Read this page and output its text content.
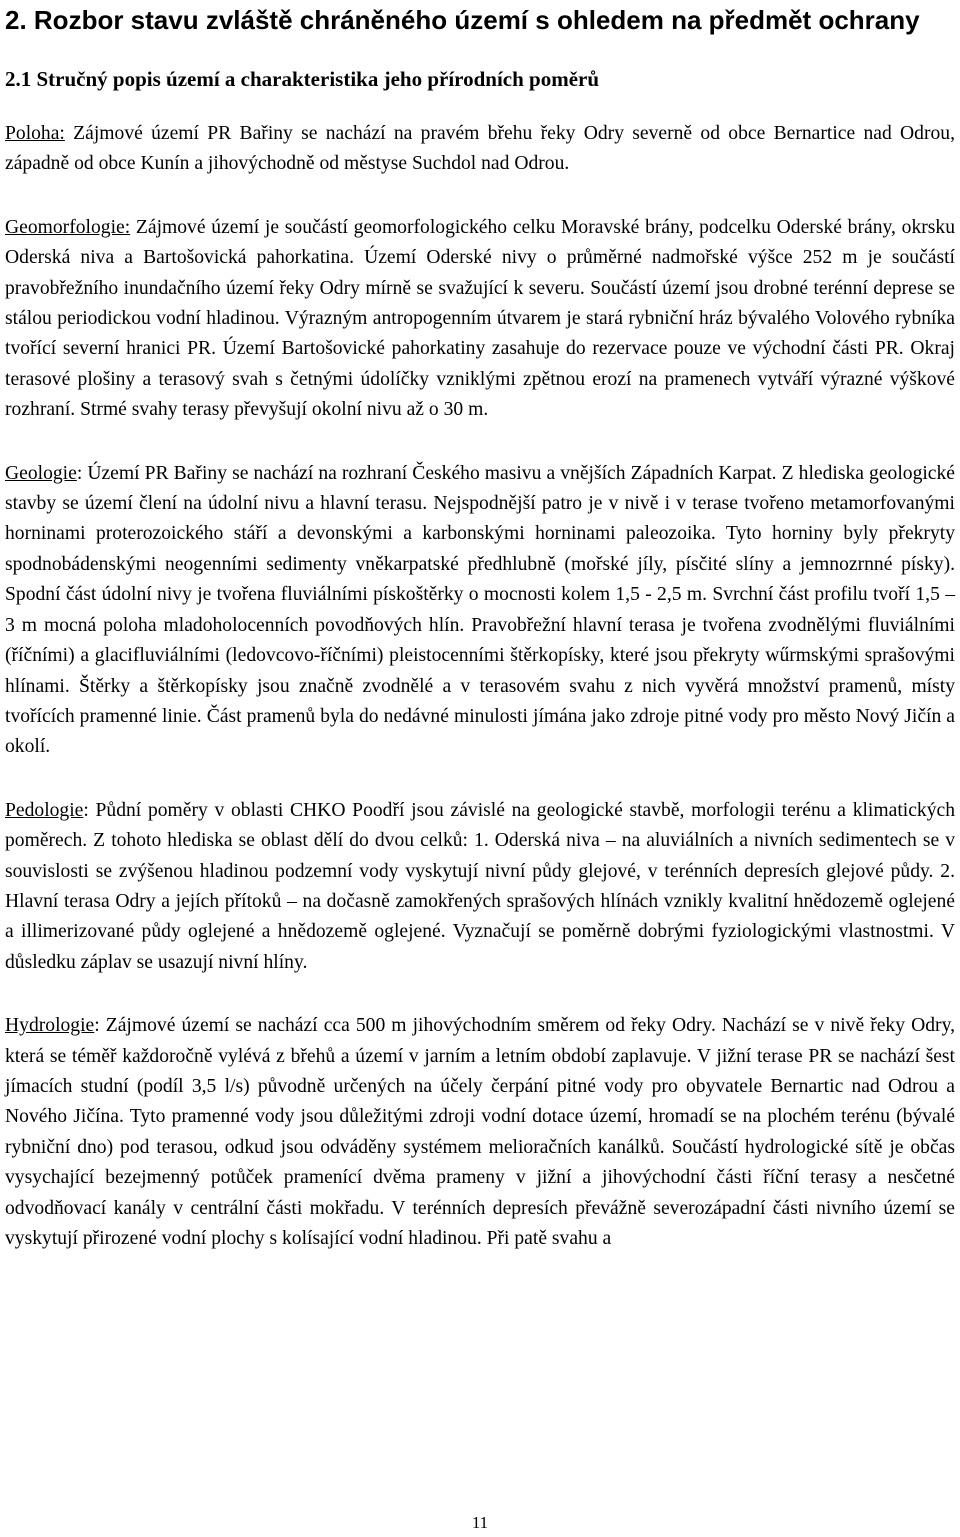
2. Rozbor stavu zvláště chráněného území s ohledem na předmět ochrany
2.1 Stručný popis území a charakteristika jeho přírodních poměrů

Poloha: Zájmové území PR Bařiny se nachází na pravém břehu řeky Odry severně od obce Bernartice nad Odrou, západně od obce Kunín a jihovýchodně od městyse Suchdol nad Odrou.

Geomorfologie: Zájmové území je součástí geomorfologického celku Moravské brány, podcelku Oderské brány, okrsku Oderská niva a Bartošovická pahorkatina. Území Oderské nivy o průměrné nadmořské výšce 252 m je součástí pravobřežního inundačního území řeky Odry mírně se svažující k severu. Součástí území jsou drobné terénní deprese se stálou periodickou vodní hladinou. Výrazným antropogenním útvarem je stará rybniční hráz bývalého Volového rybníka tvořící severní hranici PR. Území Bartošovické pahorkatiny zasahuje do rezervace pouze ve východní části PR. Okraj terasové plošiny a terasový svah s četnými údolíčky vzniklými zpětnou erozí na pramenech vytváří výrazné výškové rozhraní. Strmé svahy terasy převyšují okolní nivu až o 30 m.

Geologie: Území PR Bařiny se nachází na rozhraní Českého masivu a vnějších Západních Karpat. Z hlediska geologické stavby se území člení na údolní nivu a hlavní terasu. Nejspodnější patro je v nivě i v terase tvořeno metamorfovanými horninami proterozoického stáří a devonskými a karbonskými horninami paleozoika. Tyto horniny byly překryty spodnobádenskými neogenními sedimenty vněkarpatské předhlubně (mořské jíly, písčité slíny a jemnozrnné písky). Spodní část údolní nivy je tvořena fluviálními pískoštěrky o mocnosti kolem 1,5 - 2,5 m. Svrchní část profilu tvoří 1,5 – 3 m mocná poloha mladoholocenních povodňových hlín. Pravobřežní hlavní terasa je tvořena zvodnělými fluviálními (říčními) a glacifluviálními (ledovcovo-říčními) pleistocenními štěrkopísky, které jsou překryty wűrmskými sprašovými hlínami. Štěrky a štěrkopísky jsou značně zvodnělé a v terasovém svahu z nich vyvěrá množství pramenů, místy tvořících pramenné linie. Část pramenů byla do nedávné minulosti jímána jako zdroje pitné vody pro město Nový Jičín a okolí.

Pedologie: Půdní poměry v oblasti CHKO Poodří jsou závislé na geologické stavbě, morfologii terénu a klimatických poměrech. Z tohoto hlediska se oblast dělí do dvou celků: 1. Oderská niva – na aluviálních a nivních sedimentech se v souvislosti se zvýšenou hladinou podzemní vody vyskytují nivní půdy glejové, v terénních depresích glejové půdy. 2. Hlavní terasa Odry a jejích přítoků – na dočasně zamokřených sprašových hlínách vznikly kvalitní hnědozemě oglejené a illimerizované půdy oglejené a hnědozemě oglejené. Vyznačují se poměrně dobrými fyziologickými vlastnostmi. V důsledku záplav se usazují nivní hlíny.

Hydrologie: Zájmové území se nachází cca 500 m jihovýchodním směrem od řeky Odry. Nachází se v nivě řeky Odry, která se téměř každoročně vylévá z břehů a území v jarním a letním období zaplavuje. V jižní terase PR se nachází šest jímacích studní (podíl 3,5 l/s) původně určených na účely čerpání pitné vody pro obyvatele Bernartic nad Odrou a Nového Jičína. Tyto pramenné vody jsou důležitými zdroji vodní dotace území, hromadí se na plochém terénu (bývalé rybniční dno) pod terasou, odkud jsou odváděny systémem melioračních kanálků. Součástí hydrologické sítě je občas vysychající bezejmenný potůček pramenící dvěma prameny v jižní a jihovýchodní části říční terasy a nesčetné odvodňovací kanály v centrální části mokřadu. V terénních depresích převážně severozápadní části nivního území se vyskytují přirozené vodní plochy s kolísající vodní hladinou. Při patě svahu a

11
